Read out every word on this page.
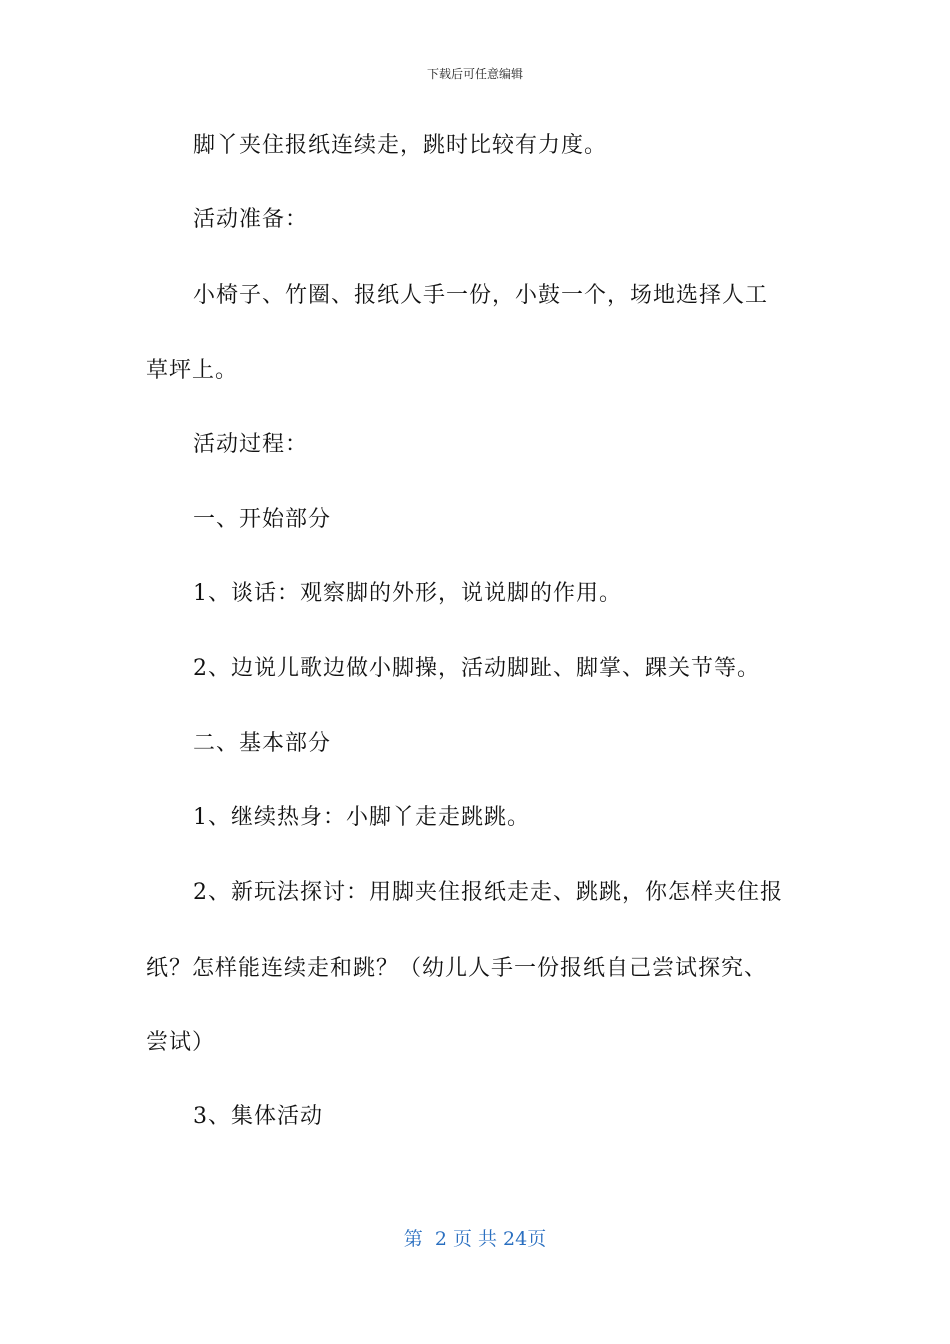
下载后可任意编辑
脚丫夹住报纸连续走，跳时比较有力度。
活动准备：
小椅子、竹圈、报纸人手一份，小鼓一个，场地选择人工
草坪上。
活动过程：
一、开始部分
1、谈话：观察脚的外形，说说脚的作用。
2、边说儿歌边做小脚操，活动脚趾、脚掌、踝关节等。
二、基本部分
1、继续热身：小脚丫走走跳跳。
2、新玩法探讨：用脚夹住报纸走走、跳跳，你怎样夹住报
纸？怎样能连续走和跳？（幼儿人手一份报纸自己尝试探究、
尝试）
3、集体活动
第  2 页 共 24页
